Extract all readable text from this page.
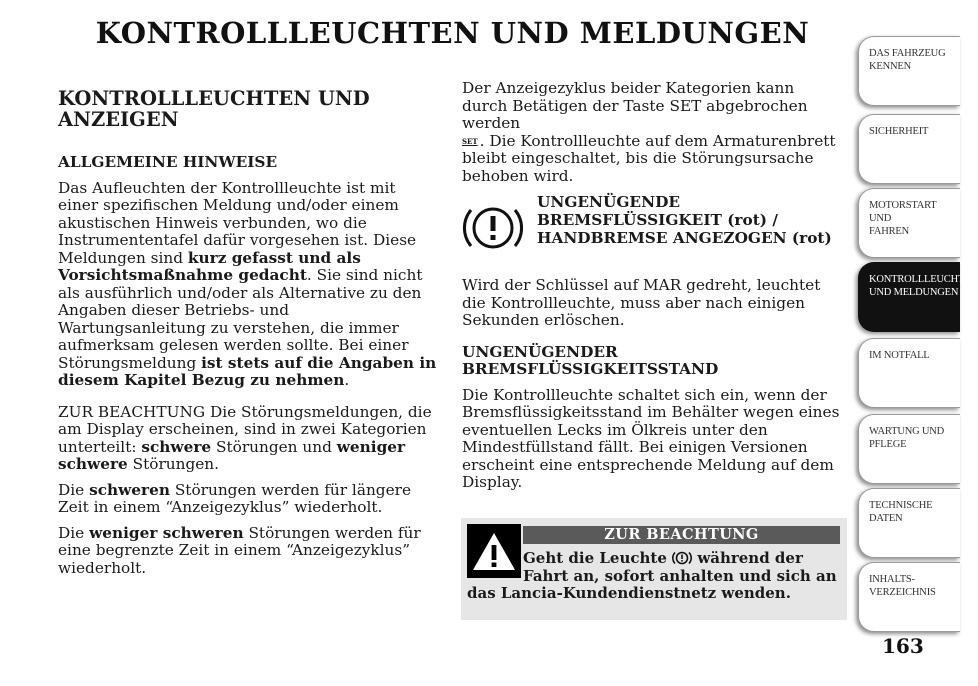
KONTROLLLEUCHTEN UND MELDUNGEN
KONTROLLLEUCHTEN UND
ANZEIGEN
ALLGEMEINE HINWEISE

Das Aufleuchten der Kontrollleuchte ist mit einer spezifischen Meldung und/oder einem akustischen Hinweis verbunden, wo die Instrumententafel dafür vorgesehen ist. Diese Meldungen sind kurz gefasst und als Vorsichtsmaßnahme gedacht. Sie sind nicht als ausführlich und/oder als Alternative zu den Angaben dieser Betriebs- und Wartungsanleitung zu verstehen, die immer aufmerksam gelesen werden sollte. Bei einer Störungsmeldung ist stets auf die Angaben in diesem Kapitel Bezug zu nehmen.

ZUR BEACHTUNG Die Störungsmeldungen, die am Display erscheinen, sind in zwei Kategorien unterteilt: schwere Störungen und weniger schwere Störungen.

Die schweren Störungen werden für längere Zeit in einem “Anzeigezyklus” wiederholt.

Die weniger schweren Störungen werden für eine begrenzte Zeit in einem “Anzeigezyklus” wiederholt.

Der Anzeigezyklus beider Kategorien kann durch Betätigen der Taste SET abgebrochen werden
SET . Die Kontrollleuchte auf dem Armaturenbrett bleibt eingeschaltet, bis die Störungsursache behoben wird.

UNGENÜGENDE
BREMSFLÜSSIGKEIT (rot) /
HANDBREMSE ANGEZOGEN (rot)

Wird der Schlüssel auf MAR gedreht, leuchtet die Kontrollleuchte, muss aber nach einigen Sekunden erlöschen.

UNGENÜGENDER
BREMSFLÜSSIGKEITSSTAND

Die Kontrollleuchte schaltet sich ein, wenn der Bremsflüssigkeitsstand im Behälter wegen eines eventuellen Lecks im Ölkreis unter den Mindestfüllstand fällt. Bei einigen Versionen erscheint eine entsprechende Meldung auf dem Display.

ZUR BEACHTUNG
Geht die Leuchte  während der
Fahrt an, sofort anhalten und sich an
das Lancia-Kundendienstnetz wenden.
DAS FAHRZEUG
KENNEN
SICHERHEIT

MOTORSTART UND
FAHREN
KONTROLLLEUCHTEN
UND MELDUNGEN
IM NOTFALL

WARTUNG UND
PFLEGE
TECHNISCHE
DATEN
INHALTS-
VERZEICHNIS
163
